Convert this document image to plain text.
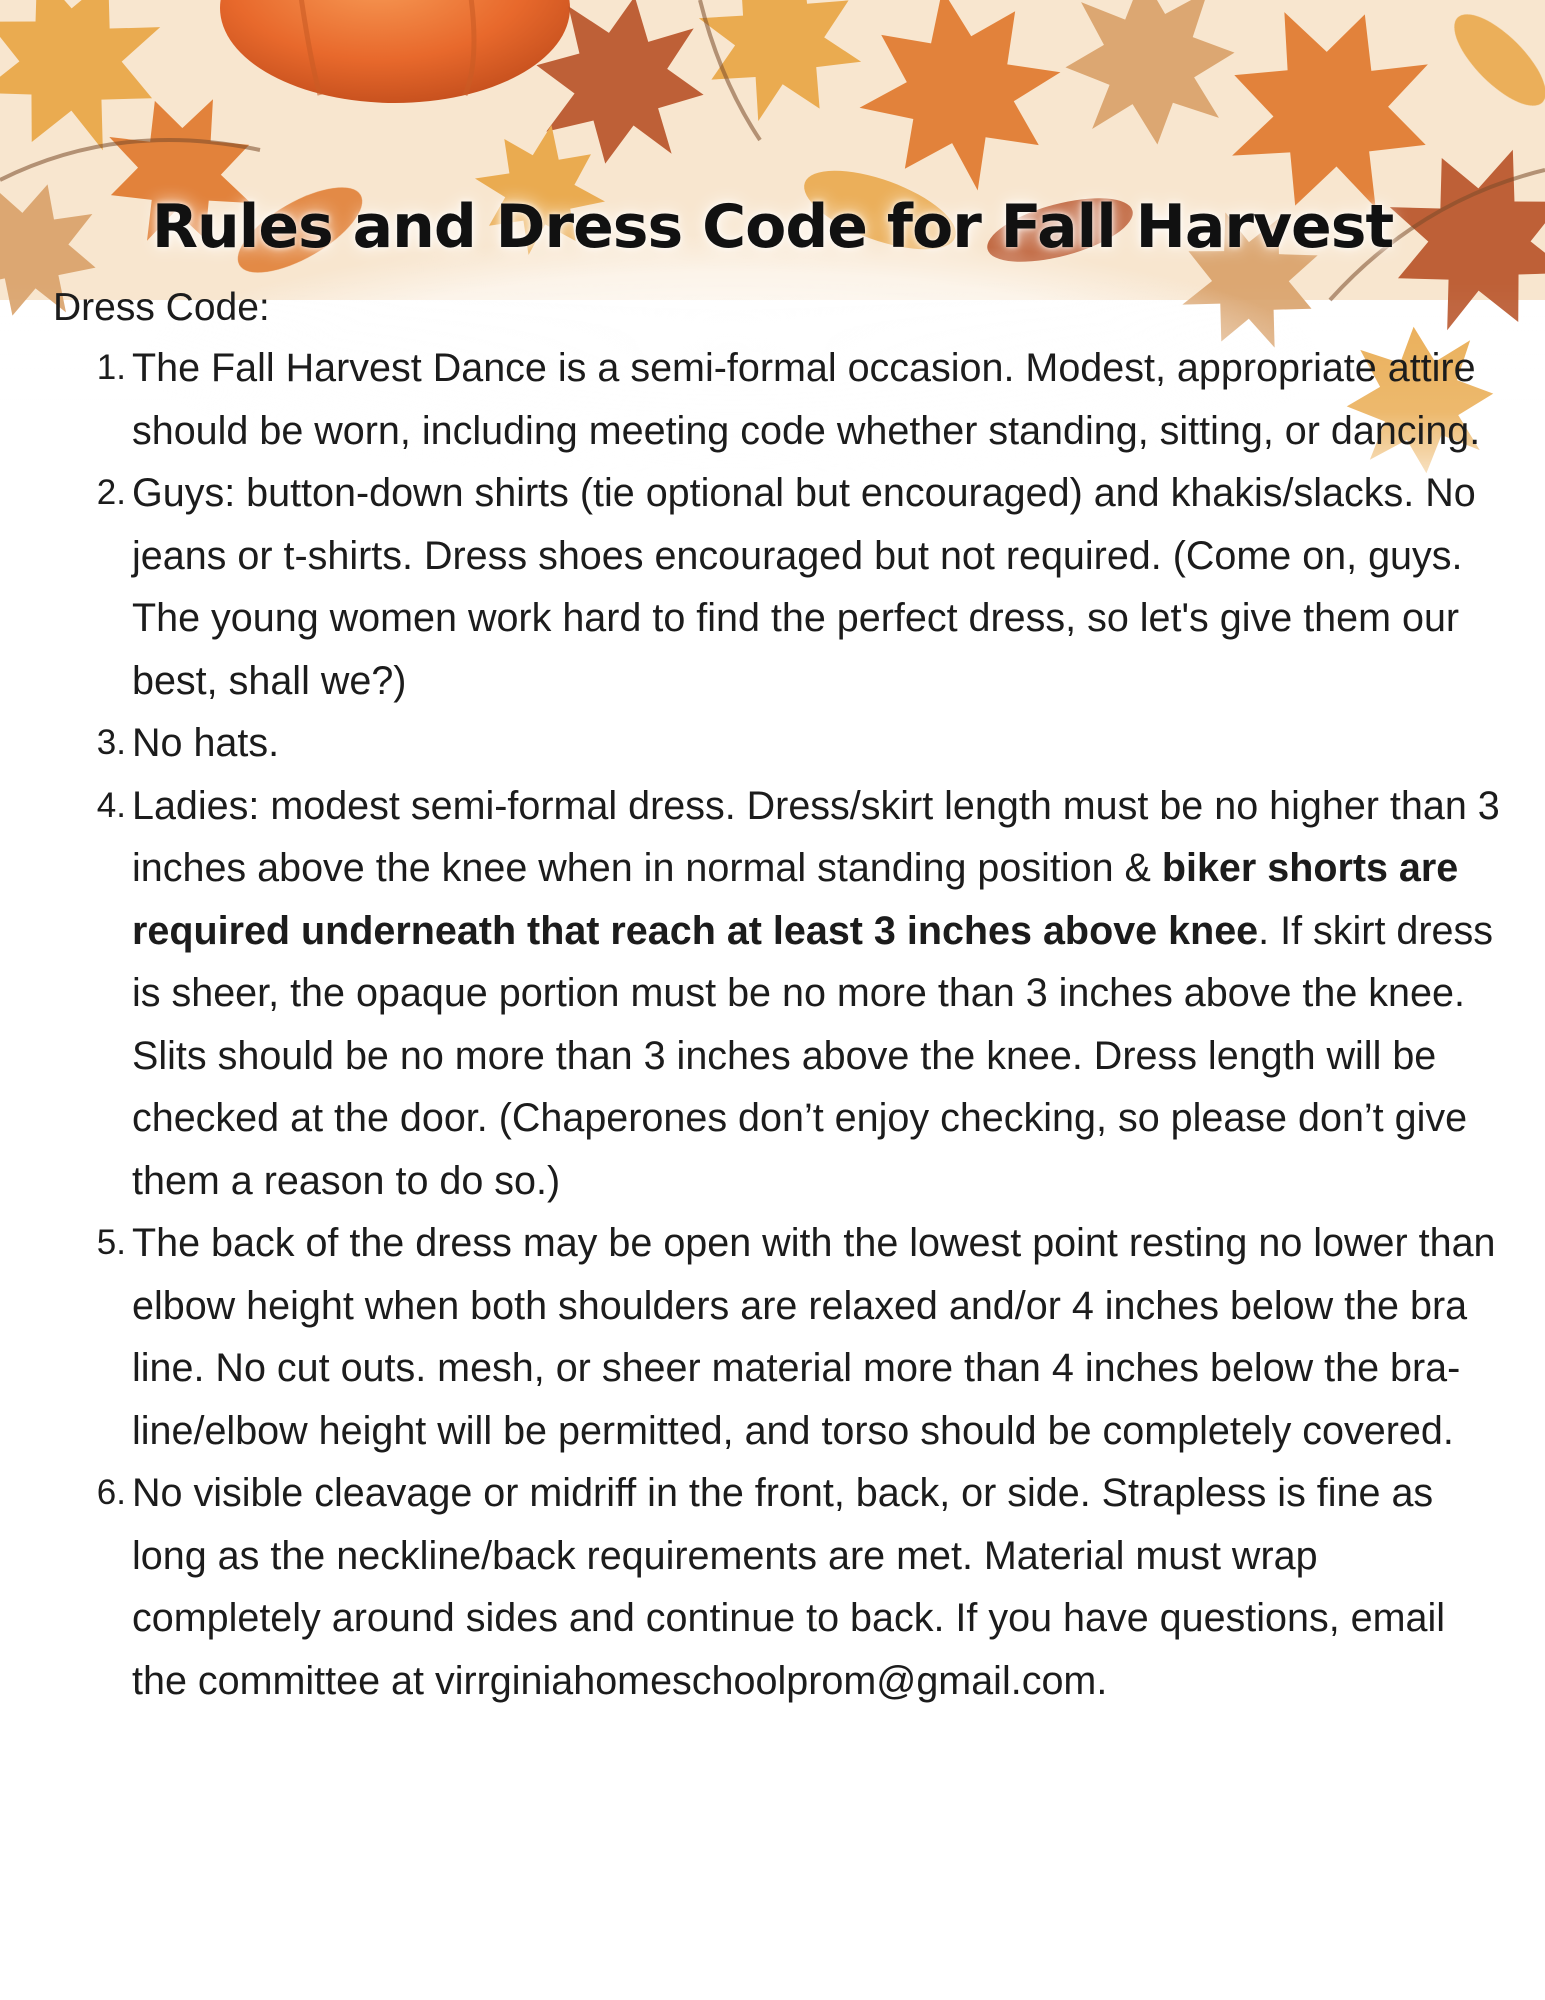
Rules and Dress Code for Fall Harvest
Dress Code:
1. The Fall Harvest Dance is a semi-formal occasion. Modest, appropriate attire should be worn, including meeting code whether standing, sitting, or dancing.
2. Guys: button-down shirts (tie optional but encouraged) and khakis/slacks. No jeans or t-shirts. Dress shoes encouraged but not required. (Come on, guys. The young women work hard to find the perfect dress, so let's give them our best, shall we?)
3. No hats.
4. Ladies: modest semi-formal dress. Dress/skirt length must be no higher than 3 inches above the knee when in normal standing position & biker shorts are required underneath that reach at least 3 inches above knee. If skirt dress is sheer, the opaque portion must be no more than 3 inches above the knee. Slits should be no more than 3 inches above the knee. Dress length will be checked at the door. (Chaperones don’t enjoy checking, so please don’t give them a reason to do so.)
5. The back of the dress may be open with the lowest point resting no lower than elbow height when both shoulders are relaxed and/or 4 inches below the bra line. No cut outs. mesh, or sheer material more than 4 inches below the bra-line/elbow height will be permitted, and torso should be completely covered.
6. No visible cleavage or midriff in the front, back, or side. Strapless is fine as long as the neckline/back requirements are met. Material must wrap completely around sides and continue to back. If you have questions, email the committee at virrginiahomeschoolprom@gmail.com.
